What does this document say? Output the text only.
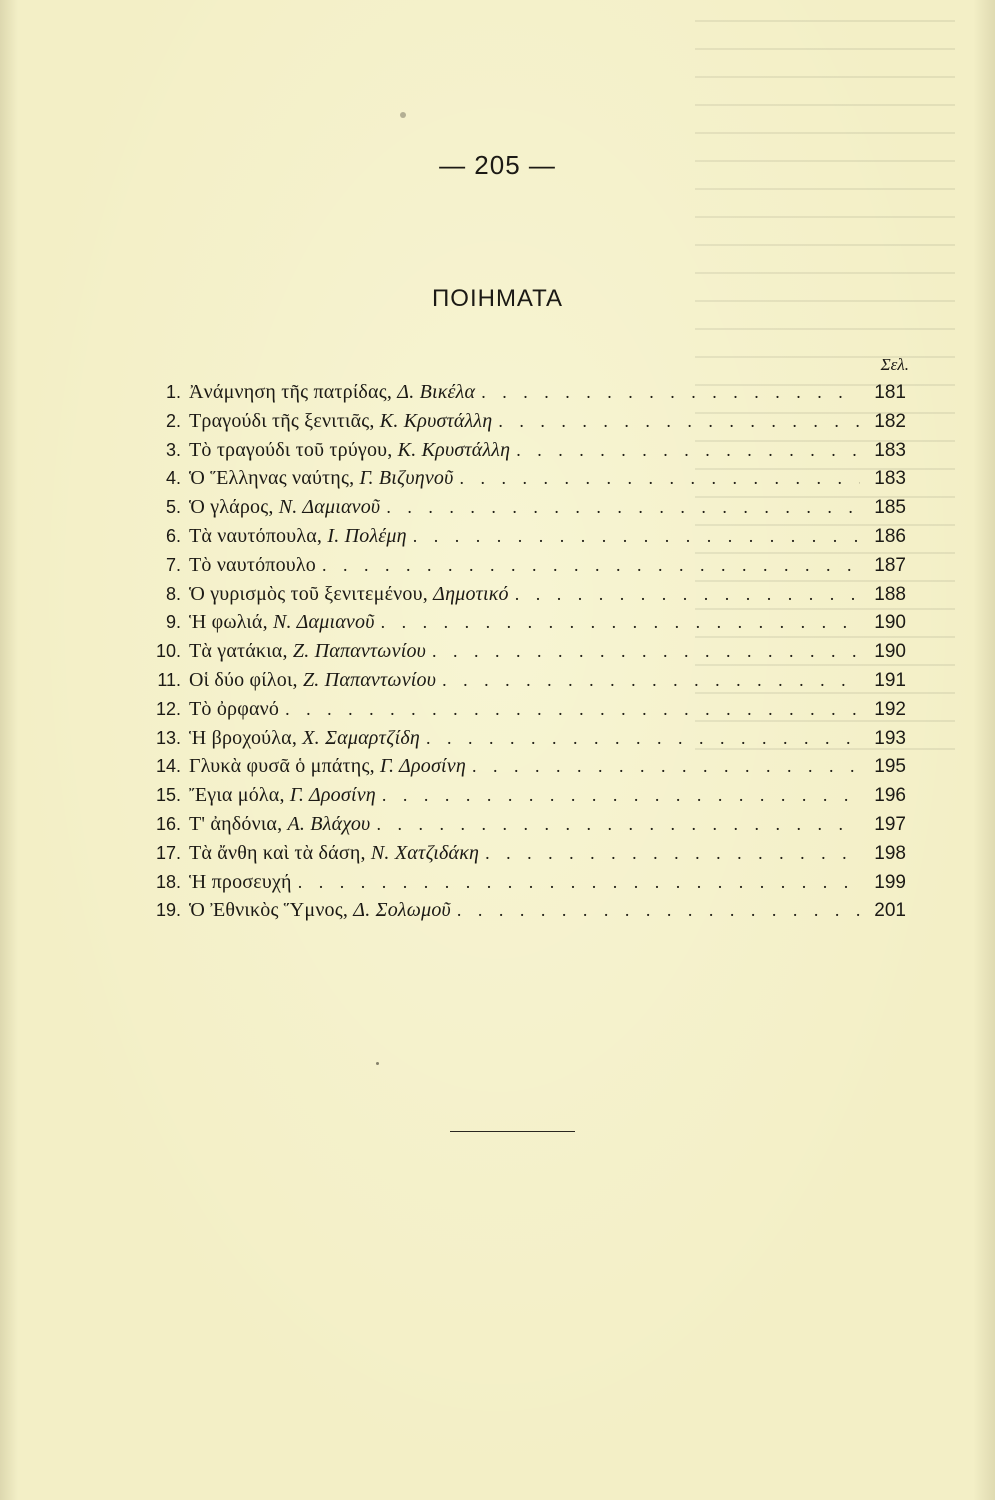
— 205 —
ΠΟΙΗΜΑΤΑ
Σελ.
1. Ἀνάμνηση τῆς πατρίδας, Δ. Βικέλα . . .	181
2. Τραγούδι τῆς ξενιτιᾶς, Κ. Κρυστάλλη . . .	182
3. Τὸ τραγούδι τοῦ τρύγου, Κ. Κρυστάλλη . . .	183
4. Ὁ Ἕλληνας ναύτης, Γ. Βιζυηνοῦ . . .	183
5. Ὁ γλάρος, Ν. Δαμιανοῦ . . .	185
6. Τὰ ναυτόπουλα, Ι. Πολέμη . . .	186
7. Τὸ ναυτόπουλο . . .	187
8. Ὁ γυρισμὸς τοῦ ξενιτεμένου, Δημοτικό . . .	188
9. Ἡ φωλιά, Ν. Δαμιανοῦ . . .	190
10. Τὰ γατάκια, Ζ. Παπαντωνίου . . .	190
11. Οἱ δύο φίλοι, Ζ. Παπαντωνίου . . .	191
12. Τὸ ὀρφανό . . .	192
13. Ἡ βροχούλα, Χ. Σαμαρτζίδη . . .	193
14. Γλυκὰ φυσᾶ ὁ μπάτης, Γ. Δροσίνη . . .	195
15. Ἔγια μόλα, Γ. Δροσίνη . . .	196
16. Τ' ἀηδόνια, Α. Βλάχου . . .	197
17. Τὰ ἄνθη καὶ τὰ δάση, Ν. Χατζιδάκη . . .	198
18. Ἡ προσευχή . . .	199
19. Ὁ Ἐθνικὸς Ὕμνος, Δ. Σολωμοῦ . . .	201
